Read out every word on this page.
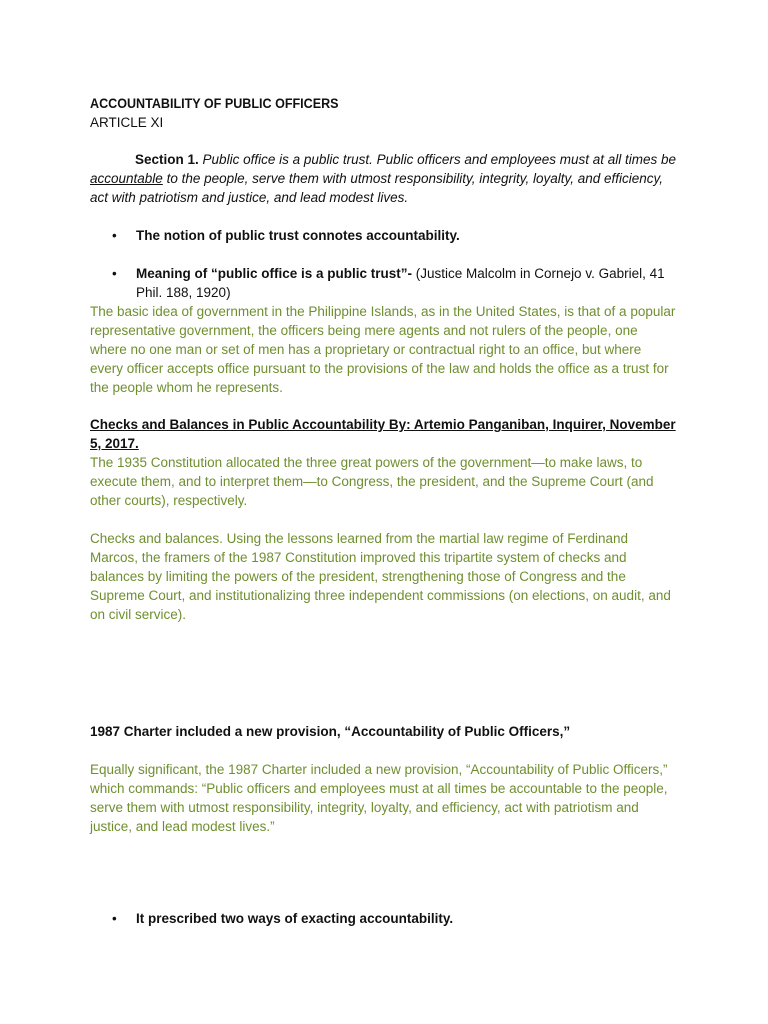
ACCOUNTABILITY OF PUBLIC OFFICERS
ARTICLE XI
Section 1. Public office is a public trust. Public officers and employees must at all times be accountable to the people, serve them with utmost responsibility, integrity, loyalty, and efficiency, act with patriotism and justice, and lead modest lives.
•	The notion of public trust connotes accountability.
•	Meaning of “public office is a public trust”- (Justice Malcolm in Cornejo v. Gabriel, 41 Phil. 188, 1920)
The basic idea of government in the Philippine Islands, as in the United States, is that of a popular representative government, the officers being mere agents and not rulers of the people, one where no one man or set of men has a proprietary or contractual right to an office, but where every officer accepts office pursuant to the provisions of the law and holds the office as a trust for the people whom he represents.
Checks and Balances in Public Accountability By: Artemio Panganiban, Inquirer, November 5, 2017.
The 1935 Constitution allocated the three great powers of the government—to make laws, to execute them, and to interpret them—to Congress, the president, and the Supreme Court (and other courts), respectively.
Checks and balances. Using the lessons learned from the martial law regime of Ferdinand Marcos, the framers of the 1987 Constitution improved this tripartite system of checks and balances by limiting the powers of the president, strengthening those of Congress and the Supreme Court, and institutionalizing three independent commissions (on elections, on audit, and on civil service).
1987 Charter included a new provision, “Accountability of Public Officers,”
Equally significant, the 1987 Charter included a new provision, “Accountability of Public Officers,” which commands: “Public officers and employees must at all times be accountable to the people, serve them with utmost responsibility, integrity, loyalty, and efficiency, act with patriotism and justice, and lead modest lives.”
•	It prescribed two ways of exacting accountability.
